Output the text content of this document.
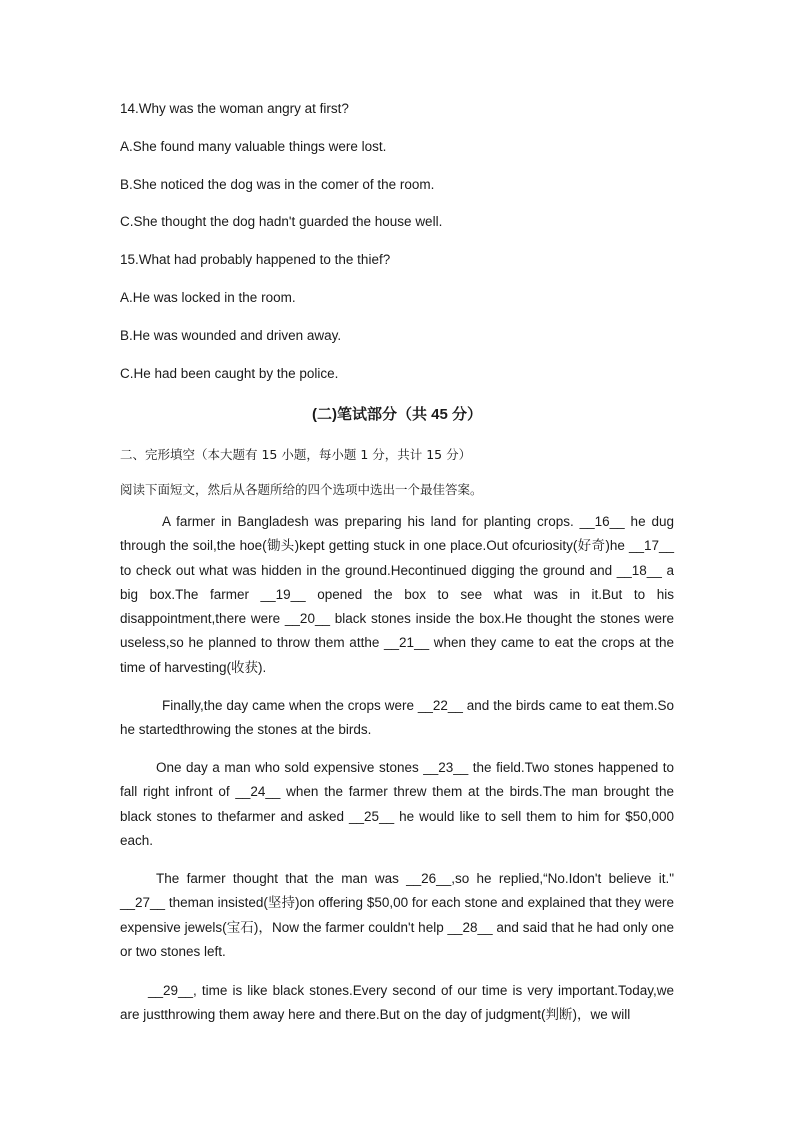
14.Why was the woman angry at first?
A.She found many valuable things were lost.
B.She noticed the dog was in the comer of the room.
C.She thought the dog hadn't guarded the house well.
15.What had probably happened to the thief?
A.He was locked in the room.
B.He was wounded and driven away.
C.He had been caught by the police.
(二)笔试部分（共 45 分）
二、完形填空（本大题有 15 小题，每小题 1 分，共计 15 分）
阅读下面短文，然后从各题所给的四个选项中选出一个最佳答案。
A farmer in Bangladesh was preparing his land for planting crops. __16__ he dug through the soil,the hoe(锄头)kept getting stuck in one place.Out ofcuriosity(好奇)he __17__ to check out what was hidden in the ground.Hecontinued digging the ground and __18__ a big box.The farmer __19__ opened the box to see what was in it.But to his disappointment,there were __20__ black stones inside the box.He thought the stones were useless,so he planned to throw them atthe __21__ when they came to eat the crops at the time of harvesting(收获).
Finally,the day came when the crops were __22__ and the birds came to eat them.So he startedthrowing the stones at the birds.
One day a man who sold expensive stones __23__ the field.Two stones happened to fall right infront of __24__ when the farmer threw them at the birds.The man brought the black stones to thefarmer and asked __25__ he would like to sell them to him for $50,000 each.
The farmer thought that the man was __26__,so he replied,“No.Idon't believe it." __27__ theman insisted(坚持)on offering $50,00 for each stone and explained that they were expensive jewels(宝石)，Now the farmer couldn't help __28__ and said that he had only one or two stones left.
__29__, time is like black stones.Every second of our time is very important.Today,we are justthrowing them away here and there.But on the day of judgment(判断)，we will
